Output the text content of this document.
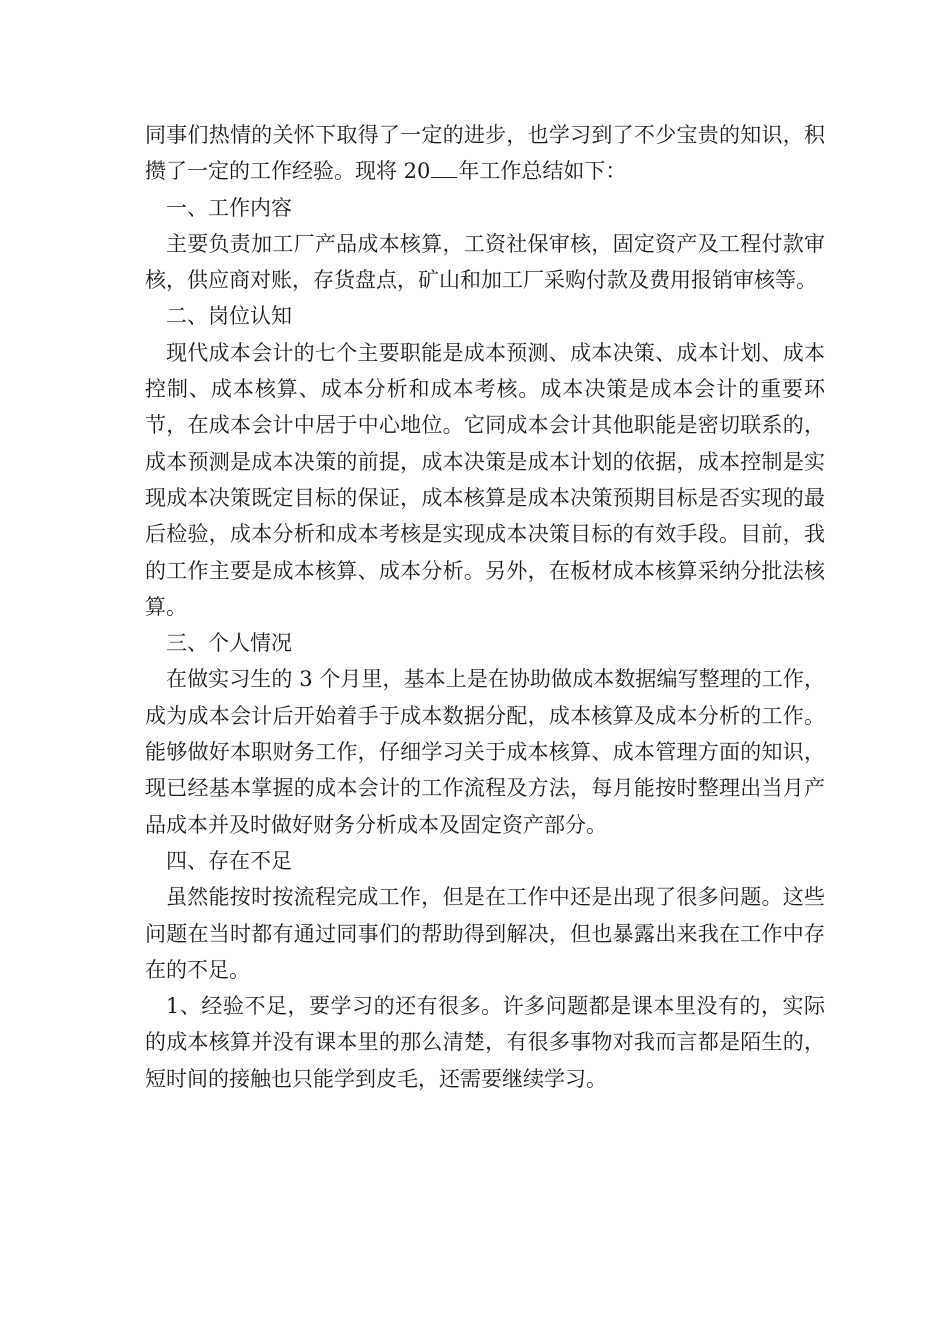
同事们热情的关怀下取得了一定的进步，也学习到了不少宝贵的知识，积攒了一定的工作经验。现将 20 年工作总结如下：

一、工作内容

主要负责加工厂产品成本核算，工资社保审核，固定资产及工程付款审核，供应商对账，存货盘点，矿山和加工厂采购付款及费用报销审核等。

二、岗位认知

现代成本会计的七个主要职能是成本预测、成本决策、成本计划、成本控制、成本核算、成本分析和成本考核。成本决策是成本会计的重要环节，在成本会计中居于中心地位。它同成本会计其他职能是密切联系的，成本预测是成本决策的前提，成本决策是成本计划的依据，成本控制是实现成本决策既定目标的保证，成本核算是成本决策预期目标是否实现的最后检验，成本分析和成本考核是实现成本决策目标的有效手段。目前，我的工作主要是成本核算、成本分析。另外，在板材成本核算采纳分批法核算。

三、个人情况

在做实习生的 3 个月里，基本上是在协助做成本数据编写整理的工作，成为成本会计后开始着手于成本数据分配，成本核算及成本分析的工作。能够做好本职财务工作，仔细学习关于成本核算、成本管理方面的知识，现已经基本掌握的成本会计的工作流程及方法，每月能按时整理出当月产品成本并及时做好财务分析成本及固定资产部分。

四、存在不足

虽然能按时按流程完成工作，但是在工作中还是出现了很多问题。这些问题在当时都有通过同事们的帮助得到解决，但也暴露出来我在工作中存在的不足。

1、经验不足，要学习的还有很多。许多问题都是课本里没有的，实际的成本核算并没有课本里的那么清楚，有很多事物对我而言都是陌生的，短时间的接触也只能学到皮毛，还需要继续学习。
